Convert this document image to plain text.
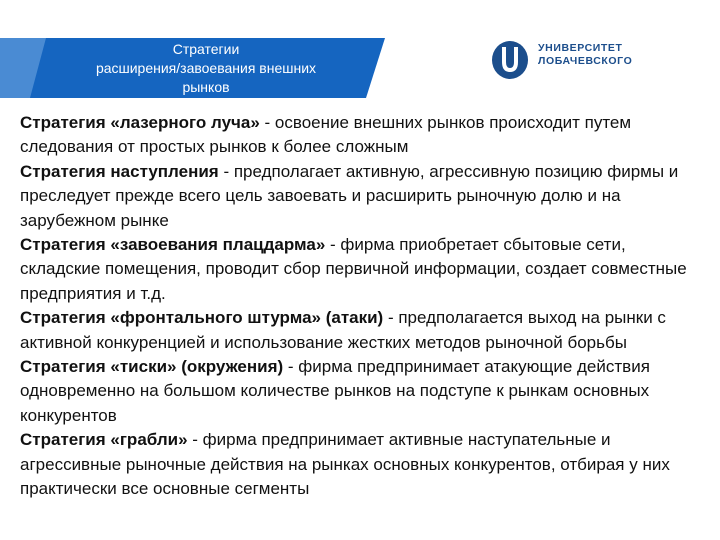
Стратегии
расширения/завоевания внешних
рынков
УНИВЕРСИТЕТ
ЛОБАЧЕВСКОГО

Стратегия «лазерного луча» - освоение внешних рынков происходит путем следования от простых рынков к более сложным

Стратегия наступления - предполагает активную, агрессивную позицию фирмы и преследует прежде всего цель завоевать и расширить рыночную долю и на зарубежном рынке

Стратегия «завоевания плацдарма» - фирма приобретает сбытовые сети, складские помещения, проводит сбор первичной информации, создает совместные предприятия и т.д.

Стратегия «фронтального штурма» (атаки) - предполагается выход на рынки с активной конкуренцией и использование жестких методов рыночной борьбы

Стратегия «тиски» (окружения) - фирма предпринимает атакующие действия одновременно на большом количестве рынков на подступе к рынкам основных конкурентов

Стратегия «грабли» - фирма предпринимает активные наступательные и агрессивные рыночные действия на рынках основных конкурентов, отбирая у них практически все основные сегменты
